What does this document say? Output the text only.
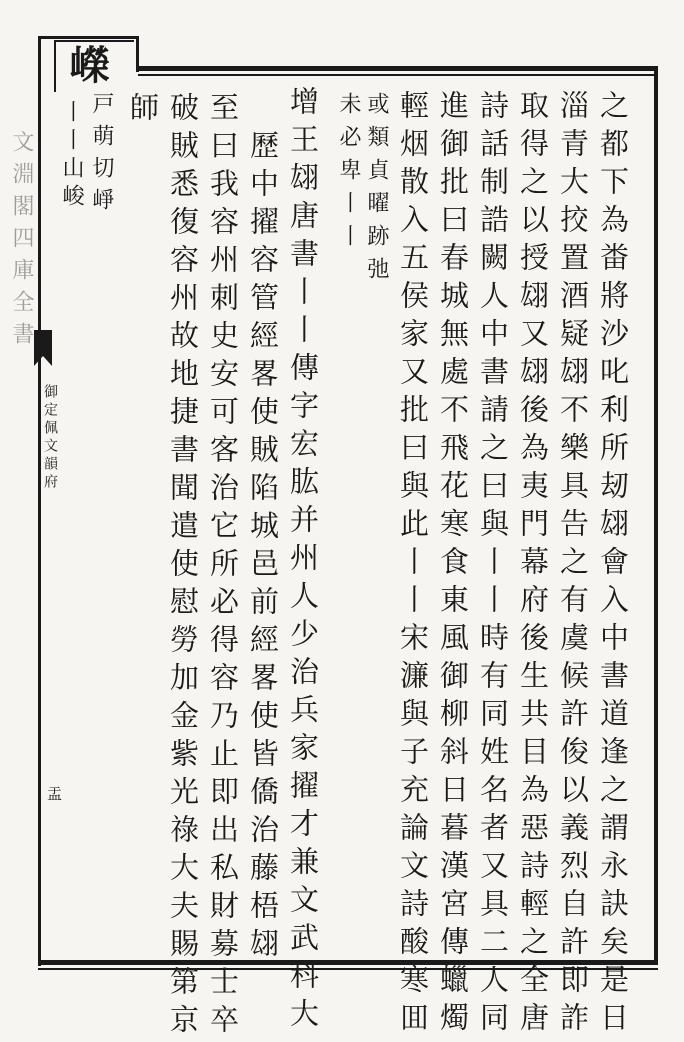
文淵閣四庫全書
嶸
戸萌切崢
丨丨山峻
御定佩文韻府
盂	之都下為畨將沙叱利所刼翃會入中書道逢之謂永訣矣是日
淄青大挍置酒疑翃不樂具告之有虞候許俊以義烈自許即詐
取得之以授翃又翃後為夷門幕府後生共目為惡詩輕之全唐
詩話制誥闕人中書請之曰與丨丨時有同姓名者又具二人同
進御批曰春城無處不飛花寒食東風御柳斜日暮漢宮傳蠟燭
輕烟散入五侯家又批曰與此丨丨宋濂與子充論文詩酸寒囬
或類貞曜跡弛
未必卑丨丨
增王翃唐書丨丨傳字宏肱并州人少治兵家擢才兼文武科大
歷中擢容管經畧使賊陷城邑前經畧使皆僑治藤梧翃
至曰我容州刺史安可客治它所必得容乃止即出私財募士卒
破賊悉復容州故地捷書聞遣使慰勞加金紫光祿大夫賜第京
師
